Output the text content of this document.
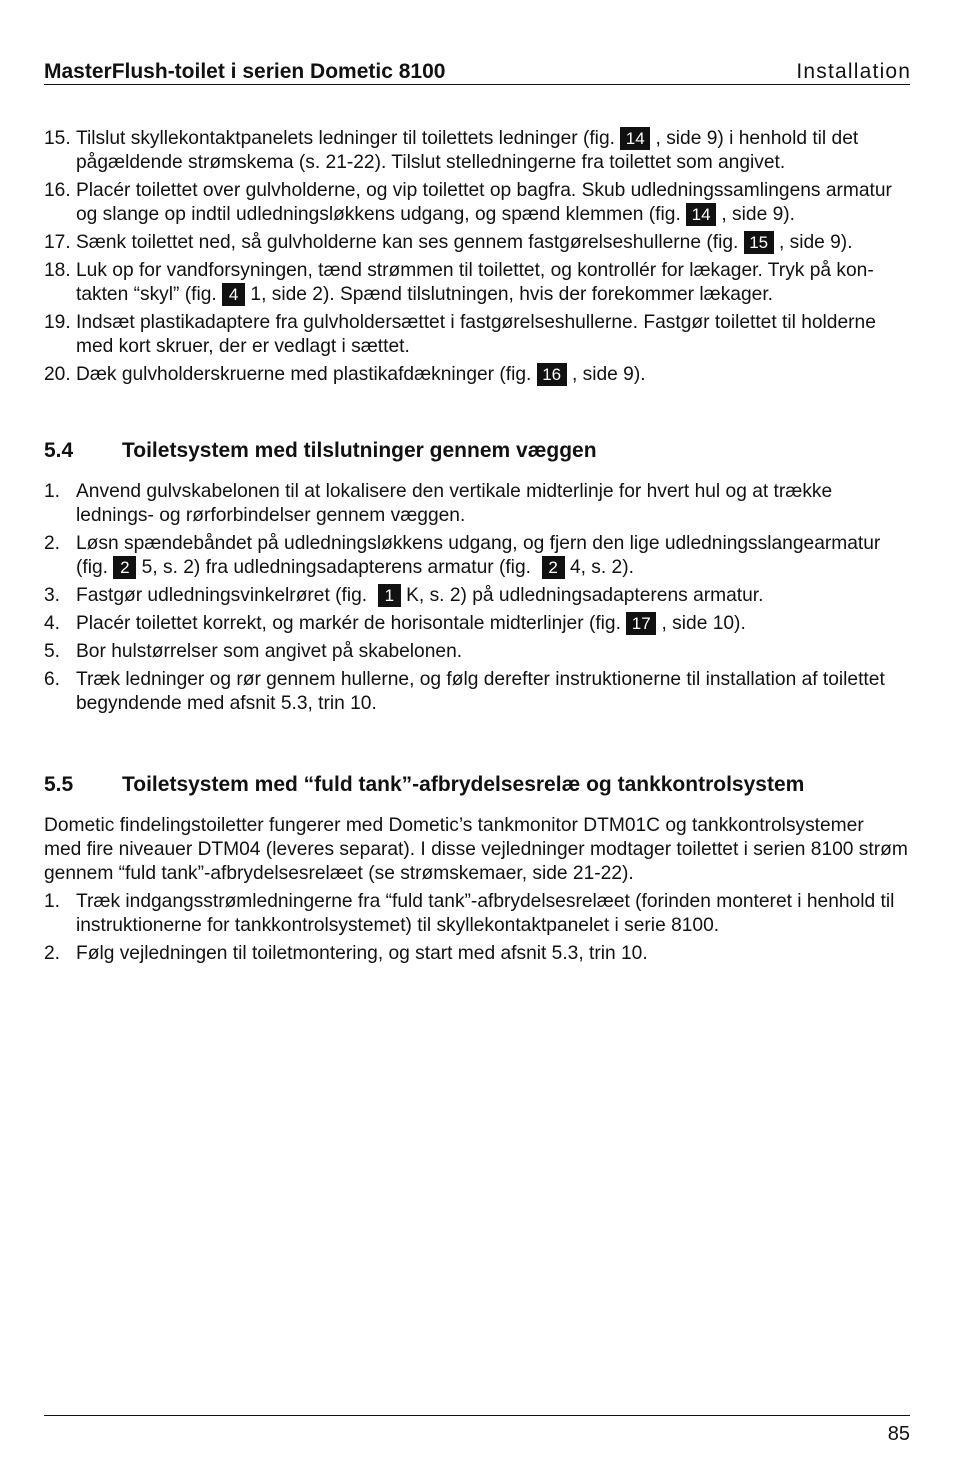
MasterFlush-toilet i serien Dometic 8100	Installation
15. Tilslut skyllekontaktpanelets ledninger til toilettets ledninger (fig. 14 , side 9) i henhold til det
pågældende strømskema (s. 21-22). Tilslut stelledningerne fra toilettet som angivet.
16. Placér toilettet over gulvholderne, og vip toilettet op bagfra. Skub udledningssamlingens armatur
og slange op indtil udledningsløkkens udgang, og spænd klemmen (fig. 14 , side 9).
17. Sænk toilettet ned, så gulvholderne kan ses gennem fastgørelseshullerne (fig. 15 , side 9).
18. Luk op for vandforsyningen, tænd strømmen til toilettet, og kontrollér for lækager. Tryk på kon-
takten “skyl” (fig. 4 1, side 2). Spænd tilslutningen, hvis der forekommer lækager.
19. Indsæt plastikadaptere fra gulvholdersættet i fastgørelseshullerne. Fastgør toilettet til holderne
med kort skruer, der er vedlagt i sættet.
20. Dæk gulvholderskruerne med plastikafdækninger (fig. 16 , side 9).
5.4	Toiletsystem med tilslutninger gennem væggen
1. Anvend gulvskabelonen til at lokalisere den vertikale midterlinje for hvert hul og at trække
lednings- og rørforbindelser gennem væggen.
2. Løsn spændebåndet på udledningsløkkens udgang, og fjern den lige udledningsslangearmatur
(fig. 2 5, s. 2) fra udledningsadapterens armatur (fig.  2 4, s. 2).
3. Fastgør udledningsvinkelrøret (fig.  1 K, s. 2) på udledningsadapterens armatur.
4. Placér toilettet korrekt, og markér de horisontale midterlinjer (fig. 17 , side 10).
5. Bor hulstørrelser som angivet på skabelonen.
6. Træk ledninger og rør gennem hullerne, og følg derefter instruktionerne til installation af toilettet
begyndende med afsnit 5.3, trin 10.
5.5	Toiletsystem med “fuld tank”-afbrydelsesrelæ og tankkontrolsystem
Dometic findelingstoiletter fungerer med Dometic’s tankmonitor DTM01C og tankkontrolsystemer
med fire niveauer DTM04 (leveres separat). I disse vejledninger modtager toilettet i serien 8100 strøm
gennem “fuld tank”-afbrydelsesrelæet (se strømskemaer, side 21-22).
1. Træk indgangsstrømledningerne fra “fuld tank”-afbrydelsesrelæet (forinden monteret i henhold til
instruktionerne for tankkontrolsystemet) til skyllekontaktpanelet i serie 8100.
2. Følg vejledningen til toiletmontering, og start med afsnit 5.3, trin 10.
85
